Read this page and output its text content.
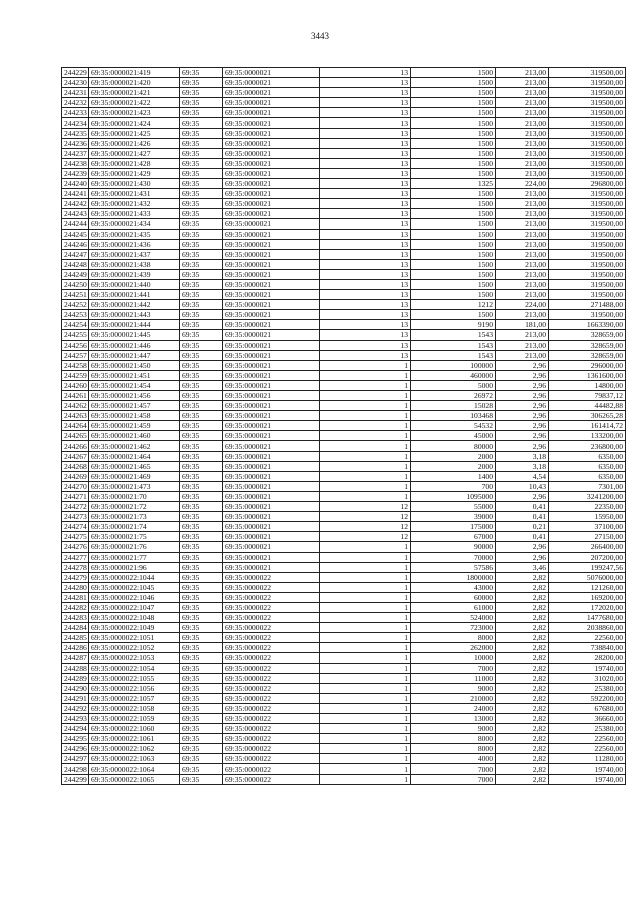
3443
244229	69:35:0000021:419	69:35	69:35:0000021	13	1500	213,00	319500,00
244230	69:35:0000021:420	69:35	69:35:0000021	13	1500	213,00	319500,00
244231	69:35:0000021:421	69:35	69:35:0000021	13	1500	213,00	319500,00
244232	69:35:0000021:422	69:35	69:35:0000021	13	1500	213,00	319500,00
244233	69:35:0000021:423	69:35	69:35:0000021	13	1500	213,00	319500,00
244234	69:35:0000021:424	69:35	69:35:0000021	13	1500	213,00	319500,00
244235	69:35:0000021:425	69:35	69:35:0000021	13	1500	213,00	319500,00
244236	69:35:0000021:426	69:35	69:35:0000021	13	1500	213,00	319500,00
244237	69:35:0000021:427	69:35	69:35:0000021	13	1500	213,00	319500,00
244238	69:35:0000021:428	69:35	69:35:0000021	13	1500	213,00	319500,00
244239	69:35:0000021:429	69:35	69:35:0000021	13	1500	213,00	319500,00
244240	69:35:0000021:430	69:35	69:35:0000021	13	1325	224,00	296800,00
244241	69:35:0000021:431	69:35	69:35:0000021	13	1500	213,00	319500,00
244242	69:35:0000021:432	69:35	69:35:0000021	13	1500	213,00	319500,00
244243	69:35:0000021:433	69:35	69:35:0000021	13	1500	213,00	319500,00
244244	69:35:0000021:434	69:35	69:35:0000021	13	1500	213,00	319500,00
244245	69:35:0000021:435	69:35	69:35:0000021	13	1500	213,00	319500,00
244246	69:35:0000021:436	69:35	69:35:0000021	13	1500	213,00	319500,00
244247	69:35:0000021:437	69:35	69:35:0000021	13	1500	213,00	319500,00
244248	69:35:0000021:438	69:35	69:35:0000021	13	1500	213,00	319500,00
244249	69:35:0000021:439	69:35	69:35:0000021	13	1500	213,00	319500,00
244250	69:35:0000021:440	69:35	69:35:0000021	13	1500	213,00	319500,00
244251	69:35:0000021:441	69:35	69:35:0000021	13	1500	213,00	319500,00
244252	69:35:0000021:442	69:35	69:35:0000021	13	1212	224,00	271488,00
244253	69:35:0000021:443	69:35	69:35:0000021	13	1500	213,00	319500,00
244254	69:35:0000021:444	69:35	69:35:0000021	13	9190	181,00	1663390,00
244255	69:35:0000021:445	69:35	69:35:0000021	13	1543	213,00	328659,00
244256	69:35:0000021:446	69:35	69:35:0000021	13	1543	213,00	328659,00
244257	69:35:0000021:447	69:35	69:35:0000021	13	1543	213,00	328659,00
244258	69:35:0000021:450	69:35	69:35:0000021	1	100000	2,96	296000,00
244259	69:35:0000021:451	69:35	69:35:0000021	1	460000	2,96	1361600,00
244260	69:35:0000021:454	69:35	69:35:0000021	1	5000	2,96	14800,00
244261	69:35:0000021:456	69:35	69:35:0000021	1	26972	2,96	79837,12
244262	69:35:0000021:457	69:35	69:35:0000021	1	15028	2,96	44482,88
244263	69:35:0000021:458	69:35	69:35:0000021	1	103468	2,96	306265,28
244264	69:35:0000021:459	69:35	69:35:0000021	1	54532	2,96	161414,72
244265	69:35:0000021:460	69:35	69:35:0000021	1	45000	2,96	133200,00
244266	69:35:0000021:462	69:35	69:35:0000021	1	80000	2,96	236800,00
244267	69:35:0000021:464	69:35	69:35:0000021	1	2000	3,18	6350,00
244268	69:35:0000021:465	69:35	69:35:0000021	1	2000	3,18	6350,00
244269	69:35:0000021:469	69:35	69:35:0000021	1	1400	4,54	6350,00
244270	69:35:0000021:473	69:35	69:35:0000021	1	700	10,43	7301,00
244271	69:35:0000021:70	69:35	69:35:0000021	1	1095000	2,96	3241200,00
244272	69:35:0000021:72	69:35	69:35:0000021	12	55000	0,41	22350,00
244273	69:35:0000021:73	69:35	69:35:0000021	12	39000	0,41	15950,00
244274	69:35:0000021:74	69:35	69:35:0000021	12	175000	0,21	37100,00
244275	69:35:0000021:75	69:35	69:35:0000021	12	67000	0,41	27150,00
244276	69:35:0000021:76	69:35	69:35:0000021	1	90000	2,96	266400,00
244277	69:35:0000021:77	69:35	69:35:0000021	1	70000	2,96	207200,00
244278	69:35:0000021:96	69:35	69:35:0000021	1	57586	3,46	199247,56
244279	69:35:0000022:1044	69:35	69:35:0000022	1	1800000	2,82	5076000,00
244280	69:35:0000022:1045	69:35	69:35:0000022	1	43000	2,82	121260,00
244281	69:35:0000022:1046	69:35	69:35:0000022	1	60000	2,82	169200,00
244282	69:35:0000022:1047	69:35	69:35:0000022	1	61000	2,82	172020,00
244283	69:35:0000022:1048	69:35	69:35:0000022	1	524000	2,82	1477680,00
244284	69:35:0000022:1049	69:35	69:35:0000022	1	723000	2,82	2038860,00
244285	69:35:0000022:1051	69:35	69:35:0000022	1	8000	2,82	22560,00
244286	69:35:0000022:1052	69:35	69:35:0000022	1	262000	2,82	738840,00
244287	69:35:0000022:1053	69:35	69:35:0000022	1	10000	2,82	28200,00
244288	69:35:0000022:1054	69:35	69:35:0000022	1	7000	2,82	19740,00
244289	69:35:0000022:1055	69:35	69:35:0000022	1	11000	2,82	31020,00
244290	69:35:0000022:1056	69:35	69:35:0000022	1	9000	2,82	25380,00
244291	69:35:0000022:1057	69:35	69:35:0000022	1	210000	2,82	592200,00
244292	69:35:0000022:1058	69:35	69:35:0000022	1	24000	2,82	67680,00
244293	69:35:0000022:1059	69:35	69:35:0000022	1	13000	2,82	36660,00
244294	69:35:0000022:1060	69:35	69:35:0000022	1	9000	2,82	25380,00
244295	69:35:0000022:1061	69:35	69:35:0000022	1	8000	2,82	22560,00
244296	69:35:0000022:1062	69:35	69:35:0000022	1	8000	2,82	22560,00
244297	69:35:0000022:1063	69:35	69:35:0000022	1	4000	2,82	11280,00
244298	69:35:0000022:1064	69:35	69:35:0000022	1	7000	2,82	19740,00
244299	69:35:0000022:1065	69:35	69:35:0000022	1	7000	2,82	19740,00
